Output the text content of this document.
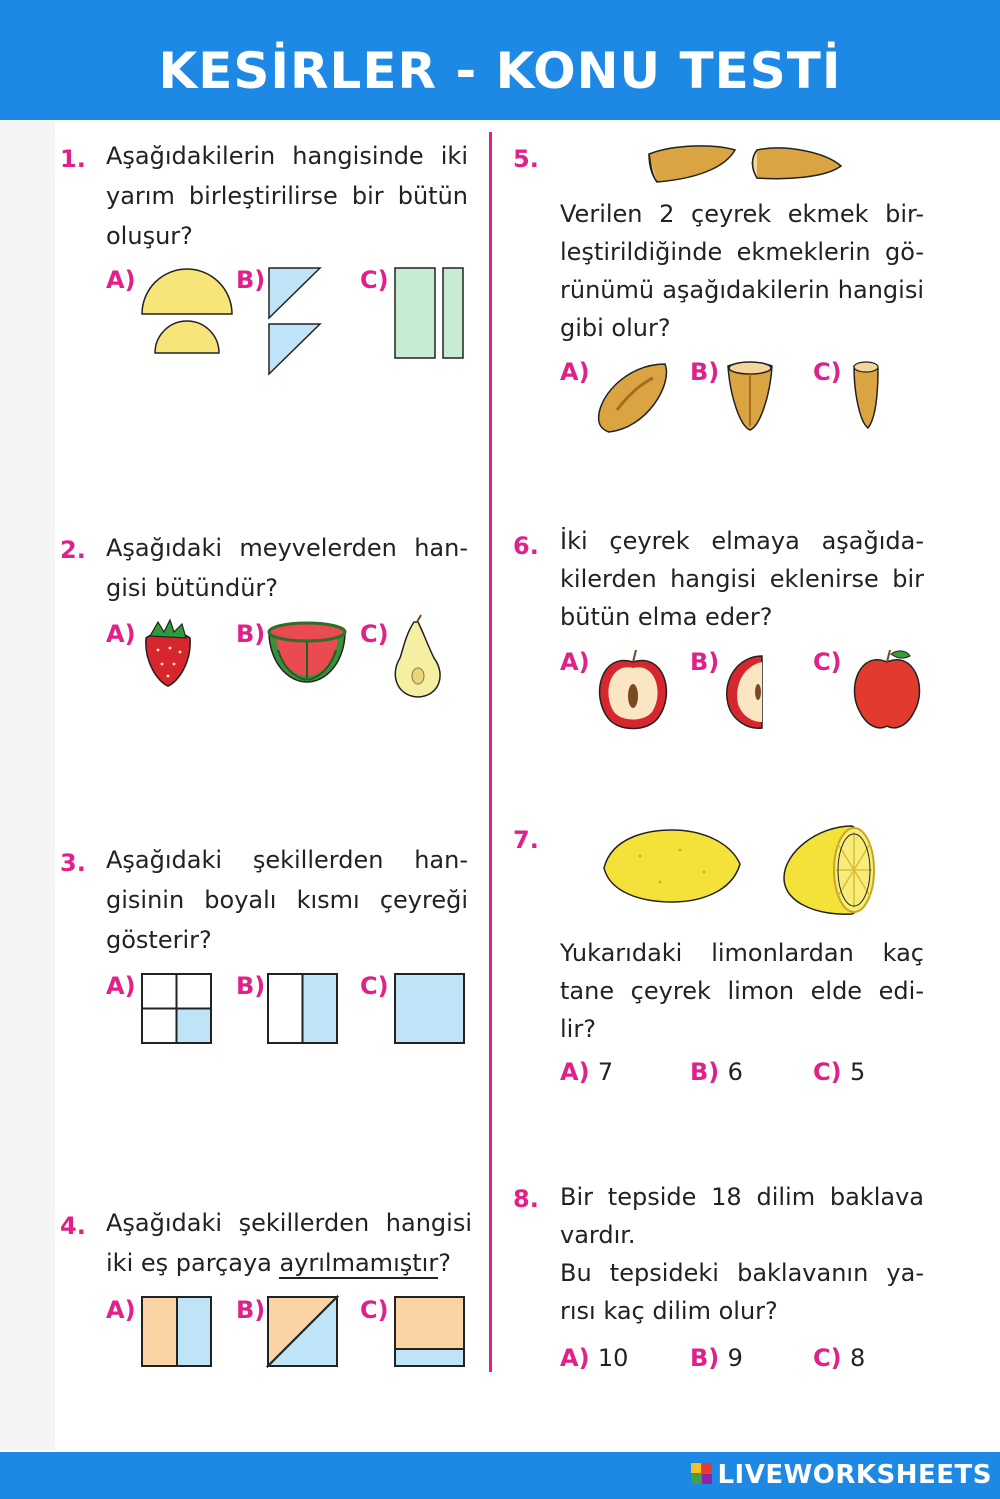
KESİRLER - KONU TESTİ
1. Aşağıdakilerin hangisinde iki
yarım birleştirilirse bir bütün
oluşur?
A)	B)	C)
2. Aşağıdaki meyvelerden han-
gisi bütündür?
A)	B)	C)
3. Aşağıdaki şekillerden han-
gisinin boyalı kısmı çeyreği
gösterir?
A)	B)	C)
4. Aşağıdaki şekillerden hangisi
iki eş parçaya ayrılmamıştır?
A)	B)	C)
5.
Verilen 2 çeyrek ekmek bir-
leştirildiğinde ekmeklerin gö-
rünümü aşağıdakilerin hangisi
gibi olur?
A)	B)	C)
6. İki çeyrek elmaya aşağıda-
kilerden hangisi eklenirse bir
bütün elma eder?
A)	B)	C)
7.
Yukarıdaki limonlardan kaç
tane çeyrek limon elde edi-
lir?
A) 7	B) 6	C) 5
8. Bir tepside 18 dilim baklava
vardır.
Bu tepsideki baklavanın ya-
rısı kaç dilim olur?
A) 10	B) 9	C) 8
LIVEWORKSHEETS
